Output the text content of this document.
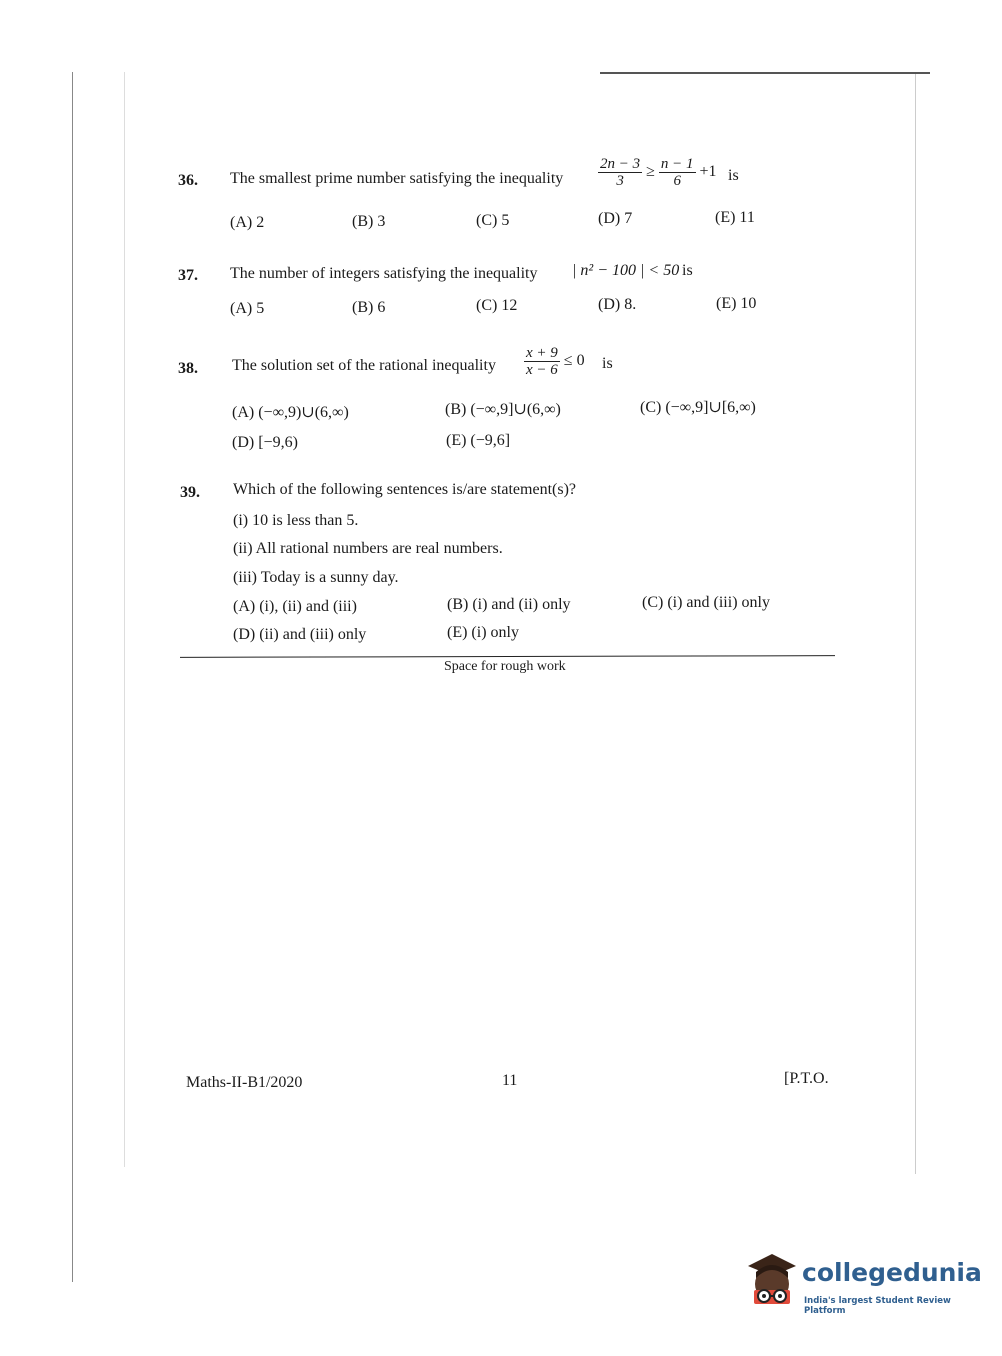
36. The smallest prime number satisfying the inequality $\frac{2n - 3}{3} \ge \frac{n - 1}{6} +1$ is
(A) 2	(B) 3	(C) 5	(D) 7	(E) 11
37. The number of integers satisfying the inequality | n² − 100 | < 50 is
(A) 5	(B) 6	(C) 12	(D) 8.	(E) 10
38. The solution set of the rational inequality $\frac{x + 9}{x - 6} \le 0$ is
(A) (−∞,9)∪(6,∞)	(B) (−∞,9]∪(6,∞)	(C) (−∞,9]∪[6,∞)
(D) [−9,6)	(E) (−9,6]
39. Which of the following sentences is/are statement(s)?
(i) 10 is less than 5.
(ii) All rational numbers are real numbers.
(iii) Today is a sunny day.
(A) (i), (ii) and (iii)	(B) (i) and (ii) only	(C) (i) and (iii) only
(D) (ii) and (iii) only	(E) (i) only
Space for rough work
Maths-II-B1/2020	11	[P.T.O.
collegedunia
India's largest Student Review Platform
